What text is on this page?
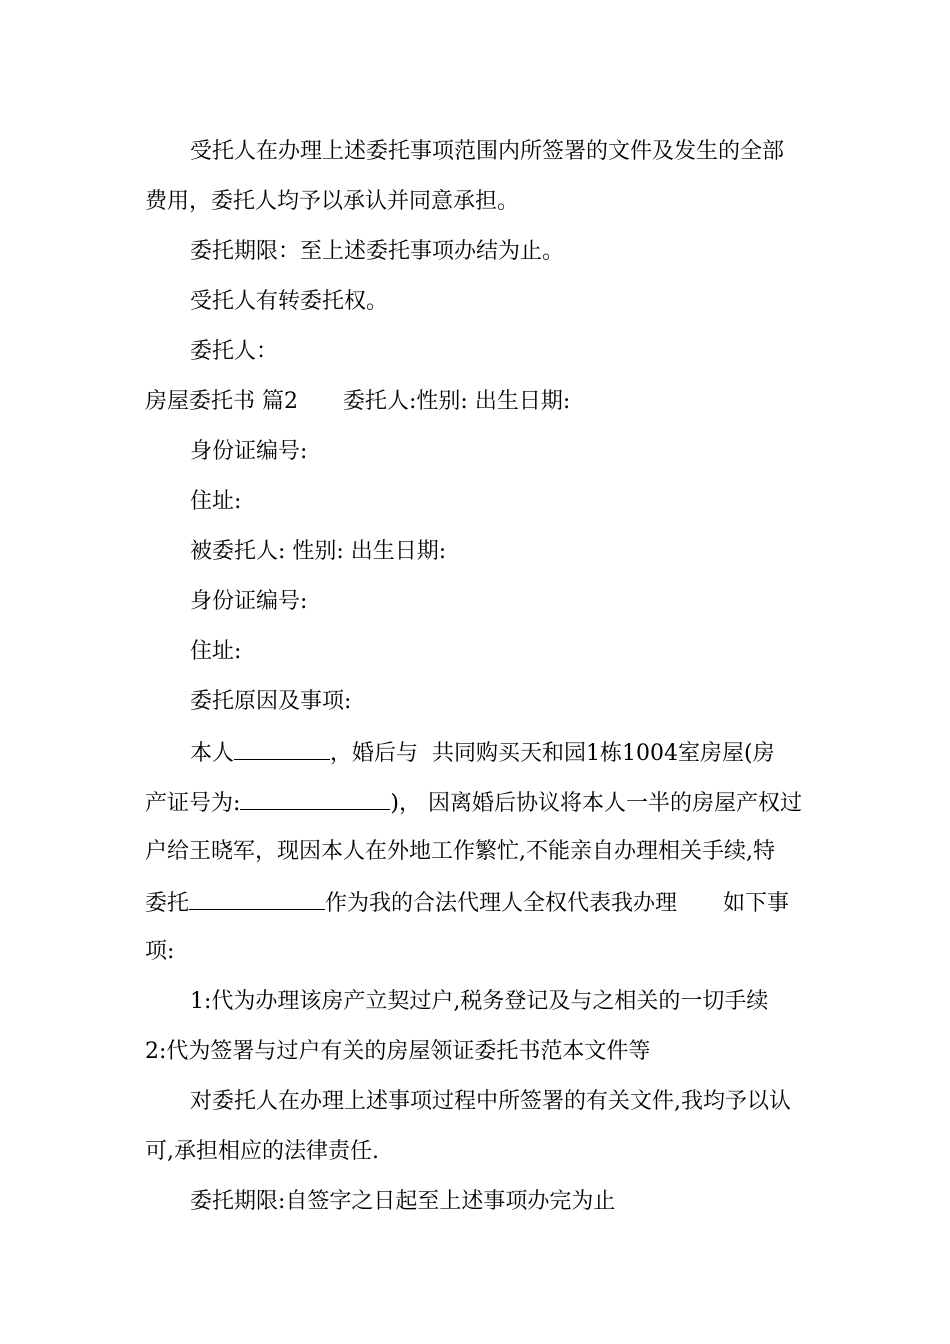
受托人在办理上述委托事项范围内所签署的文件及发生的全部
费用，委托人均予以承认并同意承担。
委托期限：至上述委托事项办结为止。
受托人有转委托权。
委托人：
房屋委托书 篇2 委托人:性别: 出生日期:
身份证编号:
住址:
被委托人: 性别: 出生日期:
身份证编号:
住址:
委托原因及事项:
本人	，婚后与  共同购买天和园1栋1004室房屋(房
产证号为:	)， 因离婚后协议将本人一半的房屋产权过
户给王晓军，现因本人在外地工作繁忙,不能亲自办理相关手续,特
委托	作为我的合法代理人全权代表我办理 如下事
项:
1:代为办理该房产立契过户,税务登记及与之相关的一切手续
2:代为签署与过户有关的房屋领证委托书范本文件等
对委托人在办理上述事项过程中所签署的有关文件,我均予以认
可,承担相应的法律责任.
委托期限:自签字之日起至上述事项办完为止
